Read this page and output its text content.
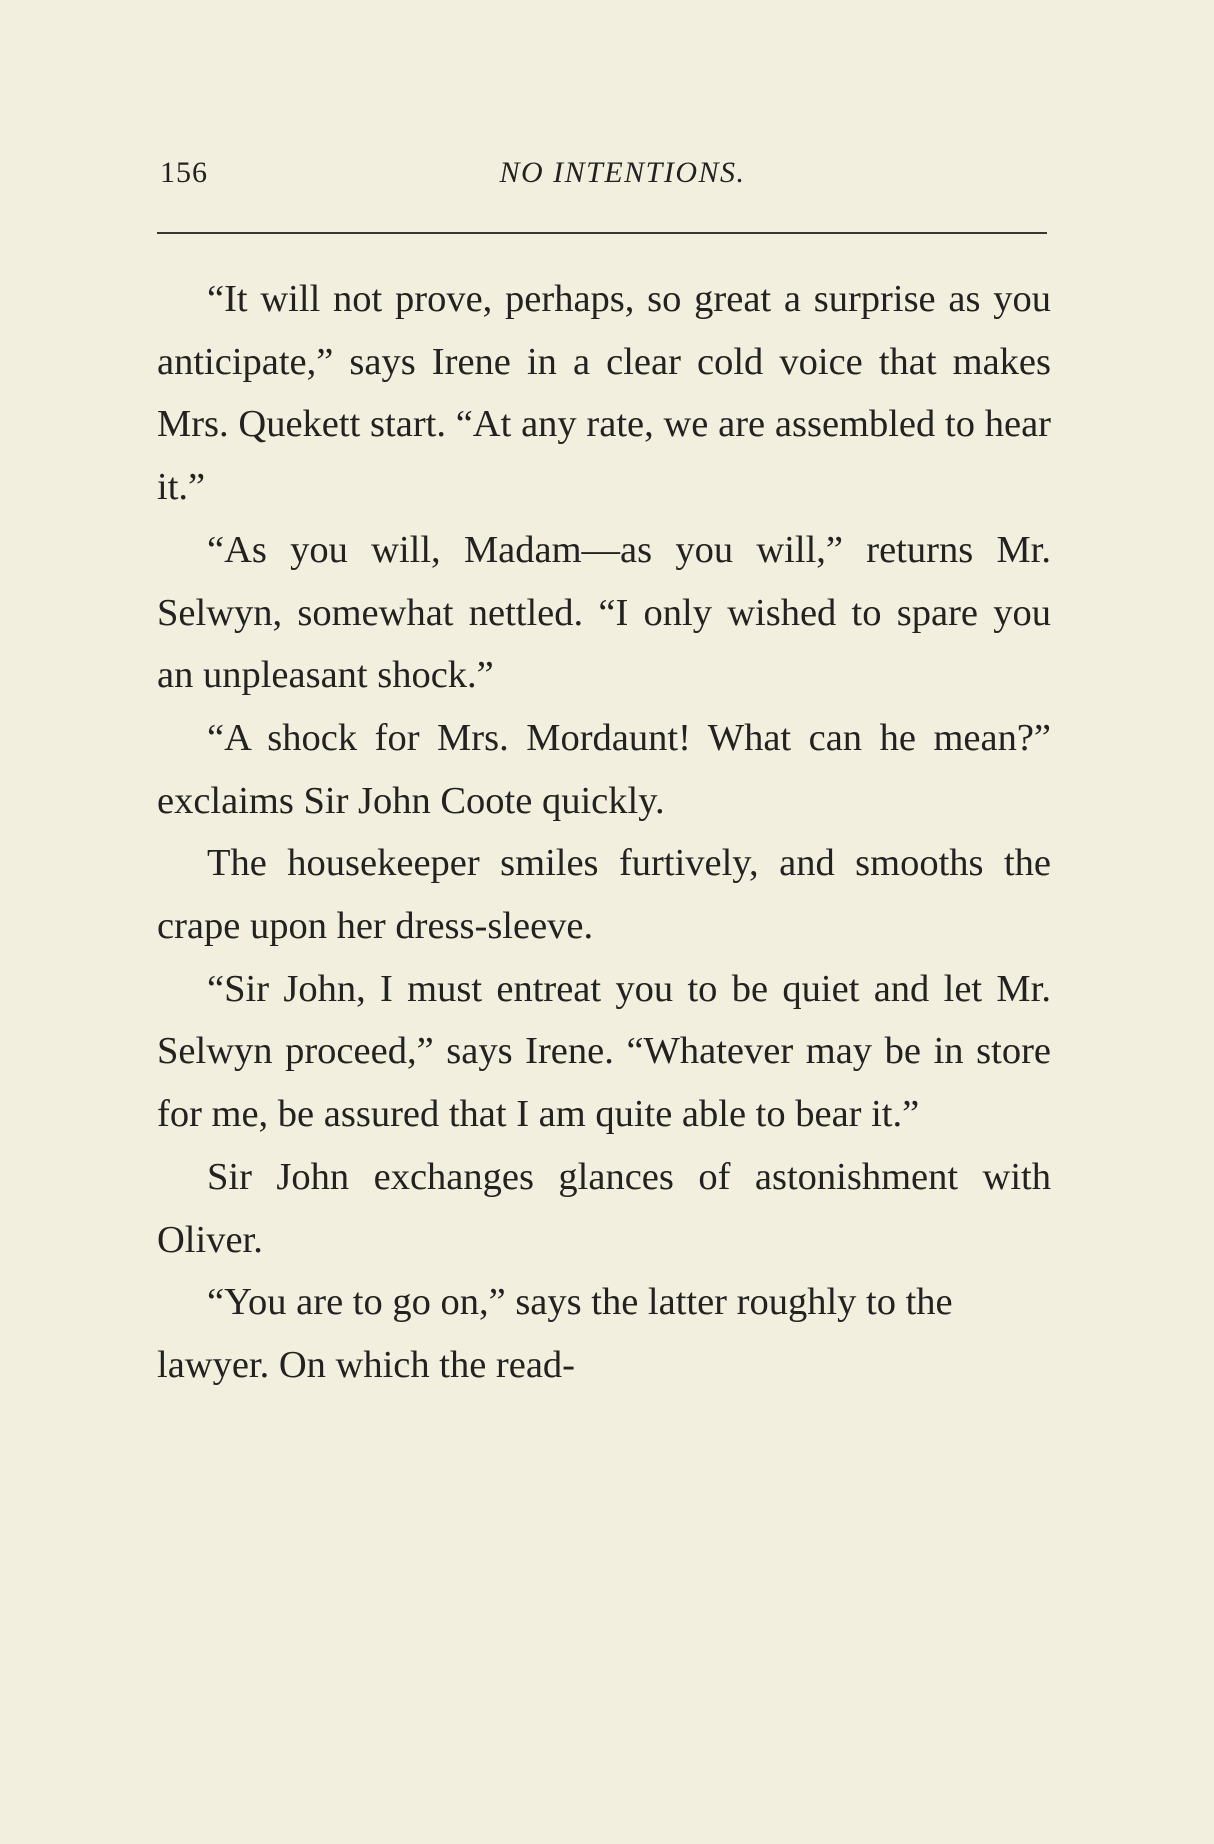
156	NO INTENTIONS.

“It will not prove, perhaps, so great a surprise as you anticipate,” says Irene in a clear cold voice that makes Mrs. Quekett start. “At any rate, we are assembled to hear it.”

“As you will, Madam—as you will,” returns Mr. Selwyn, somewhat nettled. “I only wished to spare you an unpleasant shock.”

“A shock for Mrs. Mordaunt! What can he mean?” exclaims Sir John Coote quickly.

The housekeeper smiles furtively, and smooths the crape upon her dress-sleeve.

“Sir John, I must entreat you to be quiet and let Mr. Selwyn proceed,” says Irene. “Whatever may be in store for me, be assured that I am quite able to bear it.”

Sir John exchanges glances of astonishment with Oliver.

“You are to go on,” says the latter roughly to the lawyer. On which the read-
